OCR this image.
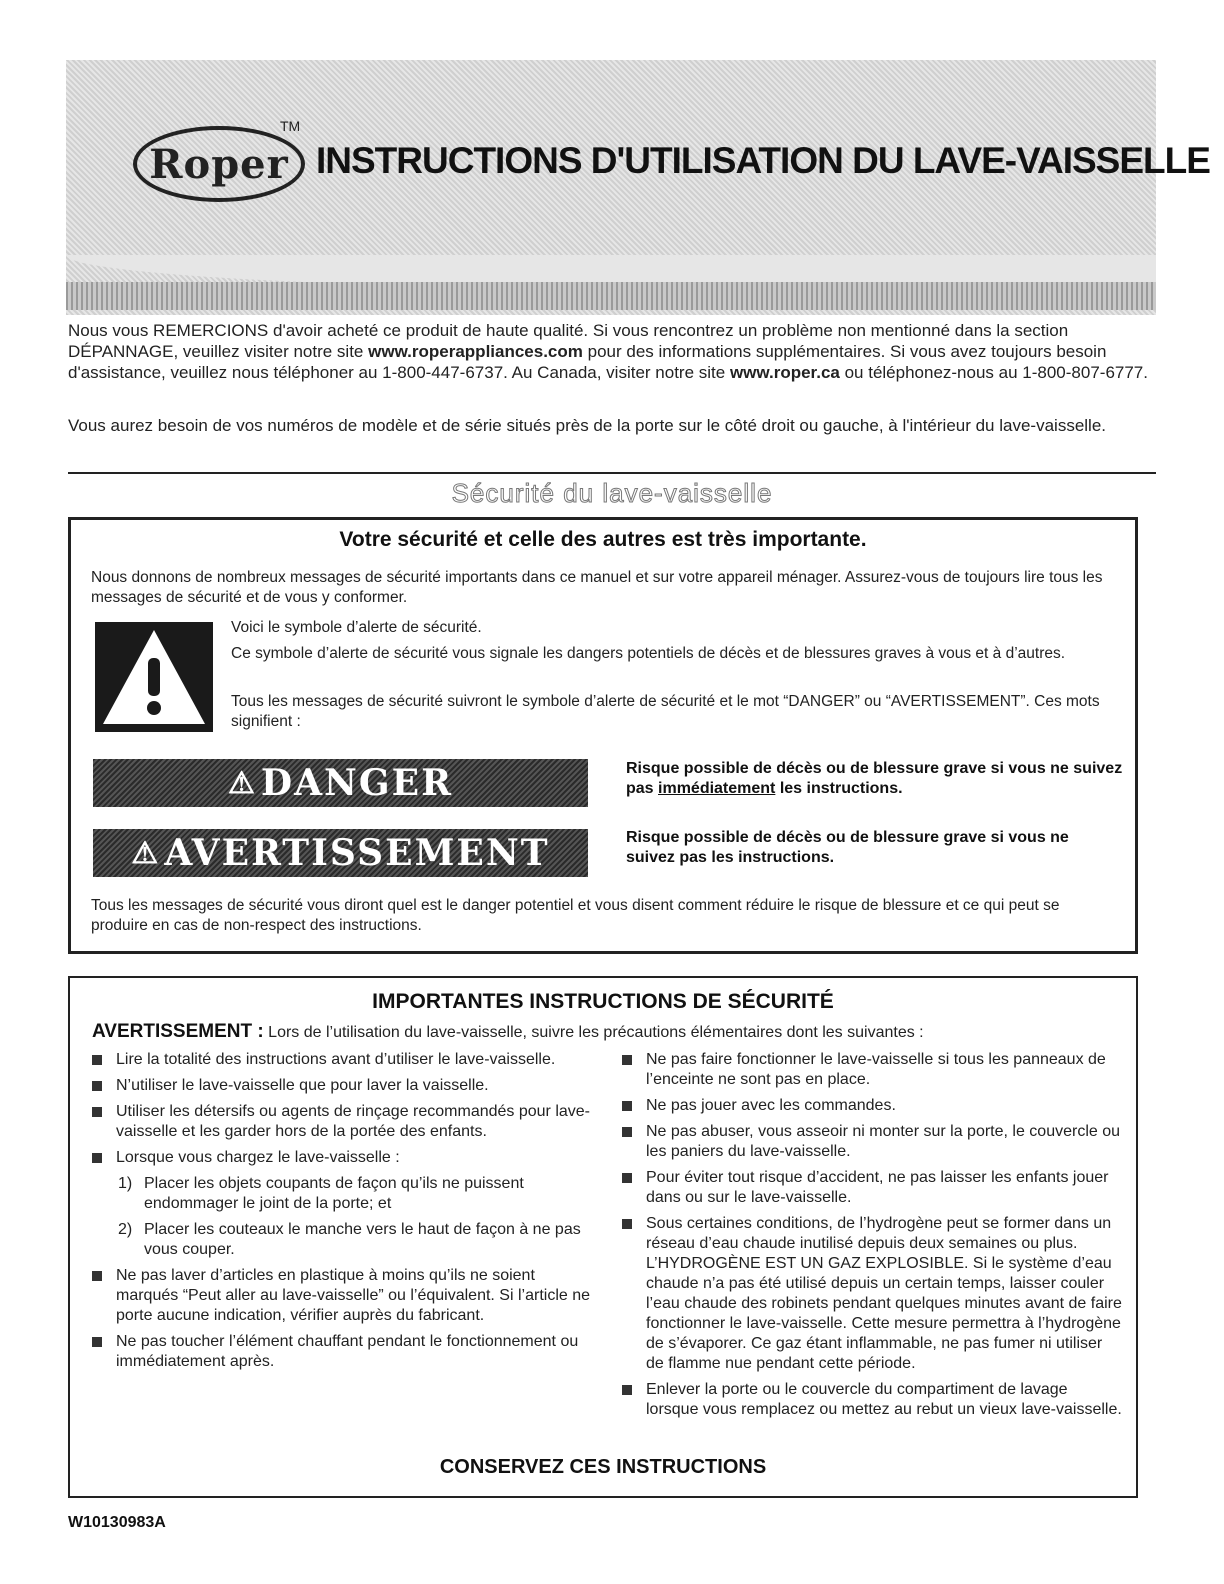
Roper
TM
INSTRUCTIONS D'UTILISATION DU LAVE-VAISSELLE
Nous vous REMERCIONS d'avoir acheté ce produit de haute qualité. Si vous rencontrez un problème non mentionné dans la section DÉPANNAGE, veuillez visiter notre site www.roperappliances.com pour des informations supplémentaires. Si vous avez toujours besoin d'assistance, veuillez nous téléphoner au 1-800-447-6737. Au Canada, visiter notre site www.roper.ca ou téléphonez-nous au 1-800-807-6777.
Vous aurez besoin de vos numéros de modèle et de série situés près de la porte sur le côté droit ou gauche, à l'intérieur du lave-vaisselle.
Sécurité du lave-vaisselle
Votre sécurité et celle des autres est très importante.
Nous donnons de nombreux messages de sécurité importants dans ce manuel et sur votre appareil ménager. Assurez-vous de toujours lire tous les messages de sécurité et de vous y conformer.
Voici le symbole d’alerte de sécurité.
Ce symbole d’alerte de sécurité vous signale les dangers potentiels de décès et de blessures graves à vous et à d’autres.
Tous les messages de sécurité suivront le symbole d’alerte de sécurité et le mot “DANGER” ou “AVERTISSEMENT”. Ces mots signifient :
⚠ DANGER	Risque possible de décès ou de blessure grave si vous ne suivez pas immédiatement les instructions.
⚠ AVERTISSEMENT	Risque possible de décès ou de blessure grave si vous ne suivez pas les instructions.
Tous les messages de sécurité vous diront quel est le danger potentiel et vous disent comment réduire le risque de blessure et ce qui peut se produire en cas de non-respect des instructions.
IMPORTANTES INSTRUCTIONS DE SÉCURITÉ
AVERTISSEMENT : Lors de l’utilisation du lave-vaisselle, suivre les précautions élémentaires dont les suivantes :
Lire la totalité des instructions avant d’utiliser le lave-vaisselle.
N’utiliser le lave-vaisselle que pour laver la vaisselle.
Utiliser les détersifs ou agents de rinçage recommandés pour lave-vaisselle et les garder hors de la portée des enfants.
Lorsque vous chargez le lave-vaisselle :
1) Placer les objets coupants de façon qu’ils ne puissent endommager le joint de la porte; et
2) Placer les couteaux le manche vers le haut de façon à ne pas vous couper.
Ne pas laver d’articles en plastique à moins qu’ils ne soient marqués “Peut aller au lave-vaisselle” ou l’équivalent. Si l’article ne porte aucune indication, vérifier auprès du fabricant.
Ne pas toucher l’élément chauffant pendant le fonctionnement ou immédiatement après.
Ne pas faire fonctionner le lave-vaisselle si tous les panneaux de l’enceinte ne sont pas en place.
Ne pas jouer avec les commandes.
Ne pas abuser, vous asseoir ni monter sur la porte, le couvercle ou les paniers du lave-vaisselle.
Pour éviter tout risque d’accident, ne pas laisser les enfants jouer dans ou sur le lave-vaisselle.
Sous certaines conditions, de l’hydrogène peut se former dans un réseau d’eau chaude inutilisé depuis deux semaines ou plus. L’HYDROGÈNE EST UN GAZ EXPLOSIBLE. Si le système d’eau chaude n’a pas été utilisé depuis un certain temps, laisser couler l’eau chaude des robinets pendant quelques minutes avant de faire fonctionner le lave-vaisselle. Cette mesure permettra à l’hydrogène de s’évaporer. Ce gaz étant inflammable, ne pas fumer ni utiliser de flamme nue pendant cette période.
Enlever la porte ou le couvercle du compartiment de lavage lorsque vous remplacez ou mettez au rebut un vieux lave-vaisselle.
CONSERVEZ CES INSTRUCTIONS
W10130983A
